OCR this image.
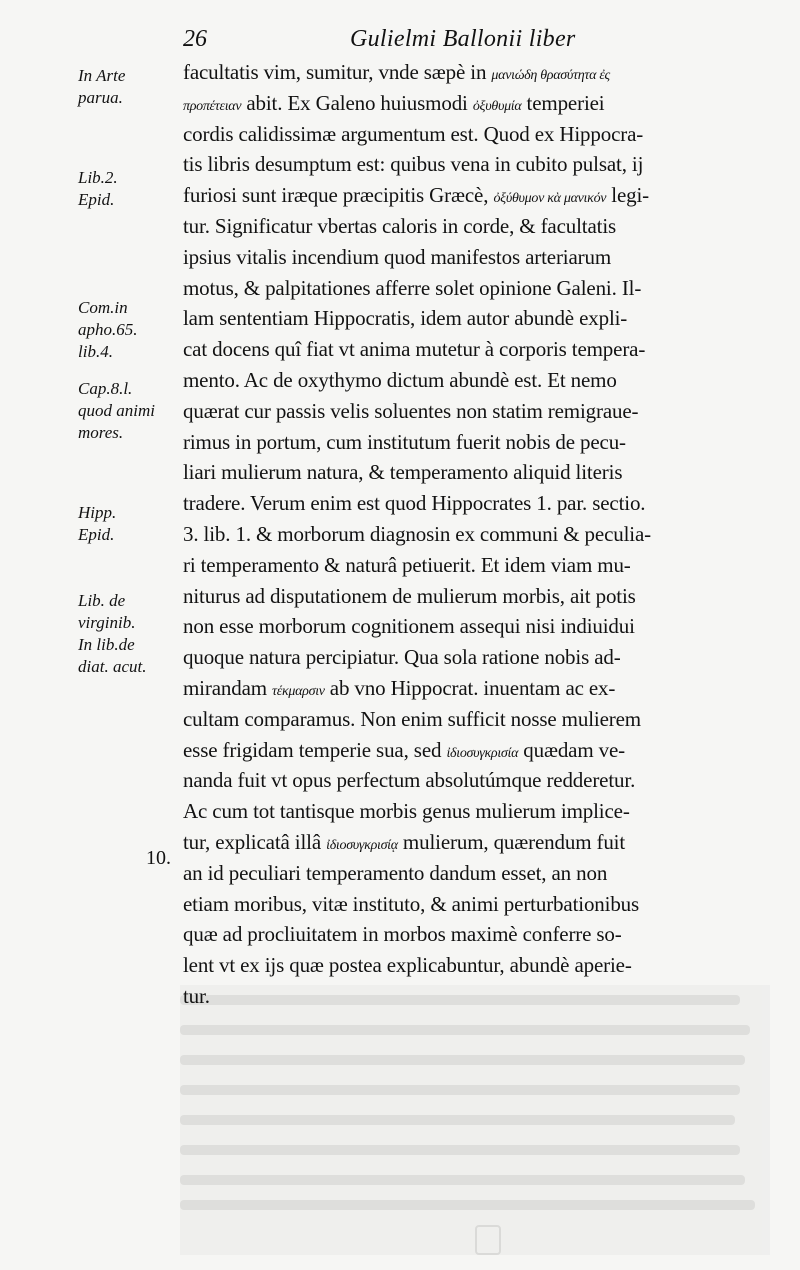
26	Gulielmi Ballonii liber
In Arte
parua.
Lib.2.
Epid.
Com.in
apho.65.
lib.4.
Cap.8.l.
quod animi
mores.
Hipp.
Epid.
Lib. de
virginib.
In lib.de
diat. acut.
10.
facultatis vim, sumitur, vnde sæpè in μανιώδη θρασύτητα ἐς
προπέτειαν abit. Ex Galeno huiusmodi ὀξυθυμία temperiei
cordis calidissimæ argumentum est. Quod ex Hippocra-
tis libris desumptum est: quibus vena in cubito pulsat, ij
furiosi sunt iræque præcipitis Græcè, ὀξύθυμον κὰ μανικόν legi-
tur. Significatur vbertas caloris in corde, & facultatis
ipsius vitalis incendium quod manifestos arteriarum
motus, & palpitationes afferre solet opinione Galeni. Il-
lam sententiam Hippocratis, idem autor abundè expli-
cat docens quî fiat vt anima mutetur à corporis tempera-
mento. Ac de oxythymo dictum abundè est. Et nemo
quærat cur passis velis soluentes non statim remigraue-
rimus in portum, cum institutum fuerit nobis de pecu-
liari mulierum natura, & temperamento aliquid literis
tradere. Verum enim est quod Hippocrates 1. par. sectio.
3. lib. 1. & morborum diagnosin ex communi & peculia-
ri temperamento & naturâ petiuerit. Et idem viam mu-
niturus ad disputationem de mulierum morbis, ait potis
non esse morborum cognitionem assequi nisi indiuidui
quoque natura percipiatur. Qua sola ratione nobis ad-
mirandam τέκμαρσιν ab vno Hippocrat. inuentam ac ex-
cultam comparamus. Non enim sufficit nosse mulierem
esse frigidam temperie sua, sed ἰδιοσυγκρισία quædam ve-
nanda fuit vt opus perfectum absolutúmque redderetur.
Ac cum tot tantisque morbis genus mulierum implice-
tur, explicatâ illâ ἰδιοσυγκρισίᾳ mulierum, quærendum fuit
an id peculiari temperamento dandum esset, an non
etiam moribus, vitæ instituto, & animi perturbationibus
quæ ad procliuitatem in morbos maximè conferre so-
lent vt ex ijs quæ postea explicabuntur, abundè aperie-
tur.
